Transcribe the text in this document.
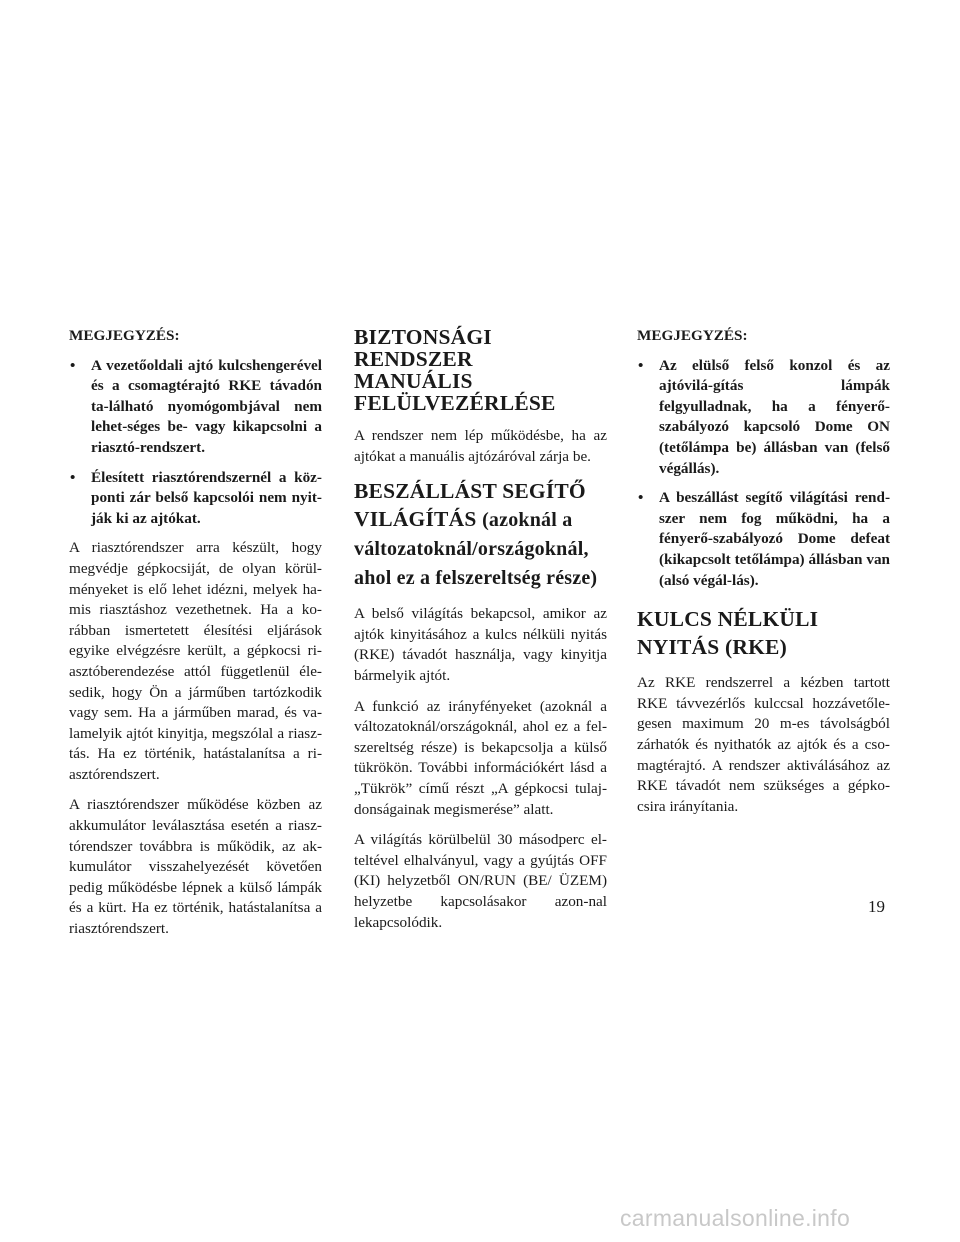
MEGJEGYZÉS:
• A vezetőoldali ajtó kulcshengerével és a csomagtérajtó RKE távadón ta-lálható nyomógombjával nem lehet-séges be- vagy kikapcsolni a riasztó-rendszert.
• Élesített riasztórendszernél a köz-ponti zár belső kapcsolói nem nyit-ják ki az ajtókat.

A riasztórendszer arra készült, hogy megvédje gépkocsiját, de olyan körül-ményeket is elő lehet idézni, melyek ha-mis riasztáshoz vezethetnek. Ha a ko-rábban ismertetett élesítési eljárások egyike elvégzésre került, a gépkocsi ri-asztóberendezése attól függetlenül éle-sedik, hogy Ön a járműben tartózkodik vagy sem. Ha a járműben marad, és va-lamelyik ajtót kinyitja, megszólal a riasz-tás. Ha ez történik, hatástalanítsa a ri-asztórendszert.

A riasztórendszer működése közben az akkumulátor leválasztása esetén a riasz-tórendszer továbbra is működik, az ak-kumulátor visszahelyezését követően pedig működésbe lépnek a külső lámpák és a kürt. Ha ez történik, hatástalanítsa a riasztórendszert.

BIZTONSÁGI RENDSZER
MANUÁLIS
FELÜLVEZÉRLÉSE

A rendszer nem lép működésbe, ha az ajtókat a manuális ajtózáróval zárja be.

BESZÁLLÁST SEGÍTŐ
VILÁGÍTÁS (azoknál a
változatoknál/országoknál,
ahol ez a felszereltség része)

A belső világítás bekapcsol, amikor az ajtók kinyitásához a kulcs nélküli nyitás (RKE) távadót használja, vagy kinyitja bármelyik ajtót.

A funkció az irányfényeket (azoknál a változatoknál/országoknál, ahol ez a fel-szereltség része) is bekapcsolja a külső tükrökön. További információkért lásd a „Tükrök” című részt „A gépkocsi tulaj-donságainak megismerése” alatt.

A világítás körülbelül 30 másodperc el-teltével elhalványul, vagy a gyújtás OFF (KI) helyzetből ON/RUN (BE/ ÜZEM) helyzetbe kapcsolásakor azon-nal lekapcsolódik.

MEGJEGYZÉS:
• Az elülső felső konzol és az ajtóvilá-gítás lámpák felgyulladnak, ha a fényerő-szabályozó kapcsoló Dome ON (tetőlámpa be) állásban van (felső végállás).
• A beszállást segítő világítási rend-szer nem fog működni, ha a fényerő-szabályozó Dome defeat (kikapcsolt tetőlámpa) állásban van (alsó végál-lás).
KULCS NÉLKÜLI
NYITÁS (RKE)

Az RKE rendszerrel a kézben tartott RKE távvezérlős kulccsal hozzávetőle-gesen maximum 20 m-es távolságból zárhatók és nyithatók az ajtók és a cso-magtérajtó. A rendszer aktiválásához az RKE távadót nem szükséges a gépko-csira irányítania.

19
carmanualsonline.info
